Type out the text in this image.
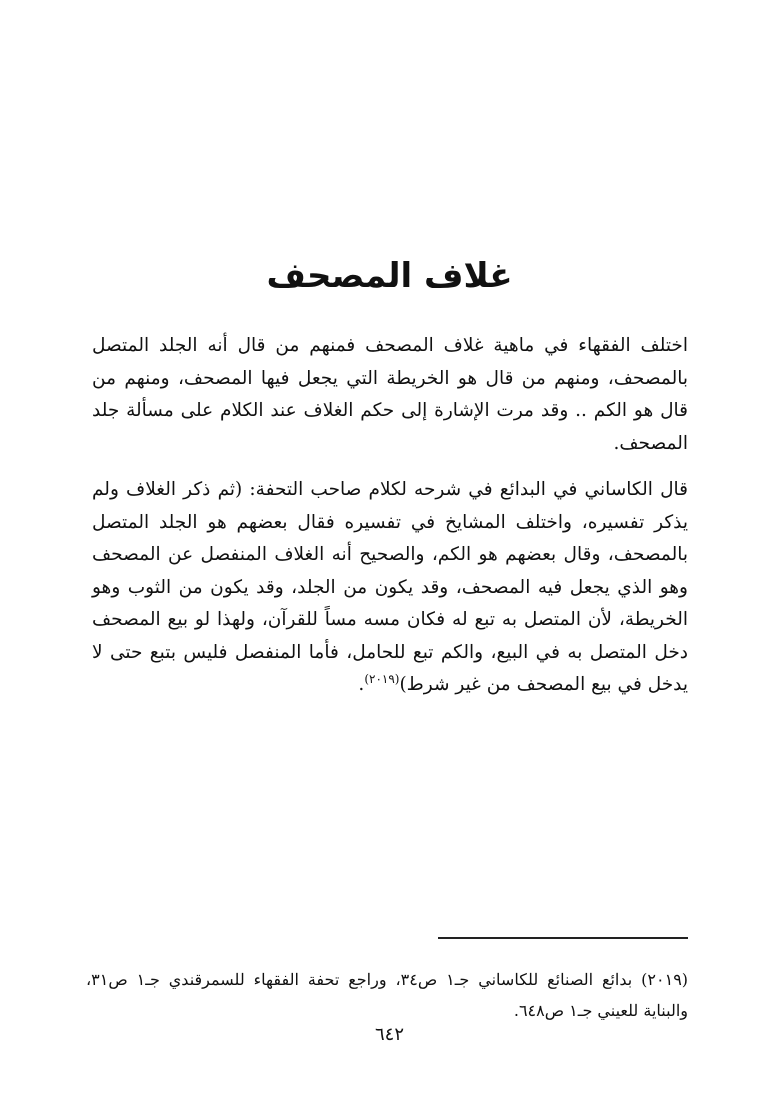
غلاف المصحف

اختلف الفقهاء في ماهية غلاف المصحف فمنهم من قال أنه الجلد المتصل بالمصحف، ومنهم من قال هو الخريطة التي يجعل فيها المصحف، ومنهم من قال هو الكم .. وقد مرت الإشارة إلى حكم الغلاف عند الكلام على مسألة جلد المصحف.

قال الكاساني في البدائع في شرحه لكلام صاحب التحفة: (ثم ذكر الغلاف ولم يذكر تفسيره، واختلف المشايخ في تفسيره فقال بعضهم هو الجلد المتصل بالمصحف، وقال بعضهم هو الكم، والصحيح أنه الغلاف المنفصل عن المصحف وهو الذي يجعل فيه المصحف، وقد يكون من الجلد، وقد يكون من الثوب وهو الخريطة، لأن المتصل به تبع له فكان مسه مساً للقرآن، ولهذا لو بيع المصحف دخل المتصل به في البيع، والكم تبع للحامل، فأما المنفصل فليس بتبع حتى لا يدخل في بيع المصحف من غير شرط)$^{(٢٠١٩)}$.

(٢٠١٩) بدائع الصنائع للكاساني جـ١ ص٣٤، وراجع تحفة الفقهاء للسمرقندي جـ١ ص٣١، والبناية للعيني جـ١ ص٦٤٨.

٦٤٢
